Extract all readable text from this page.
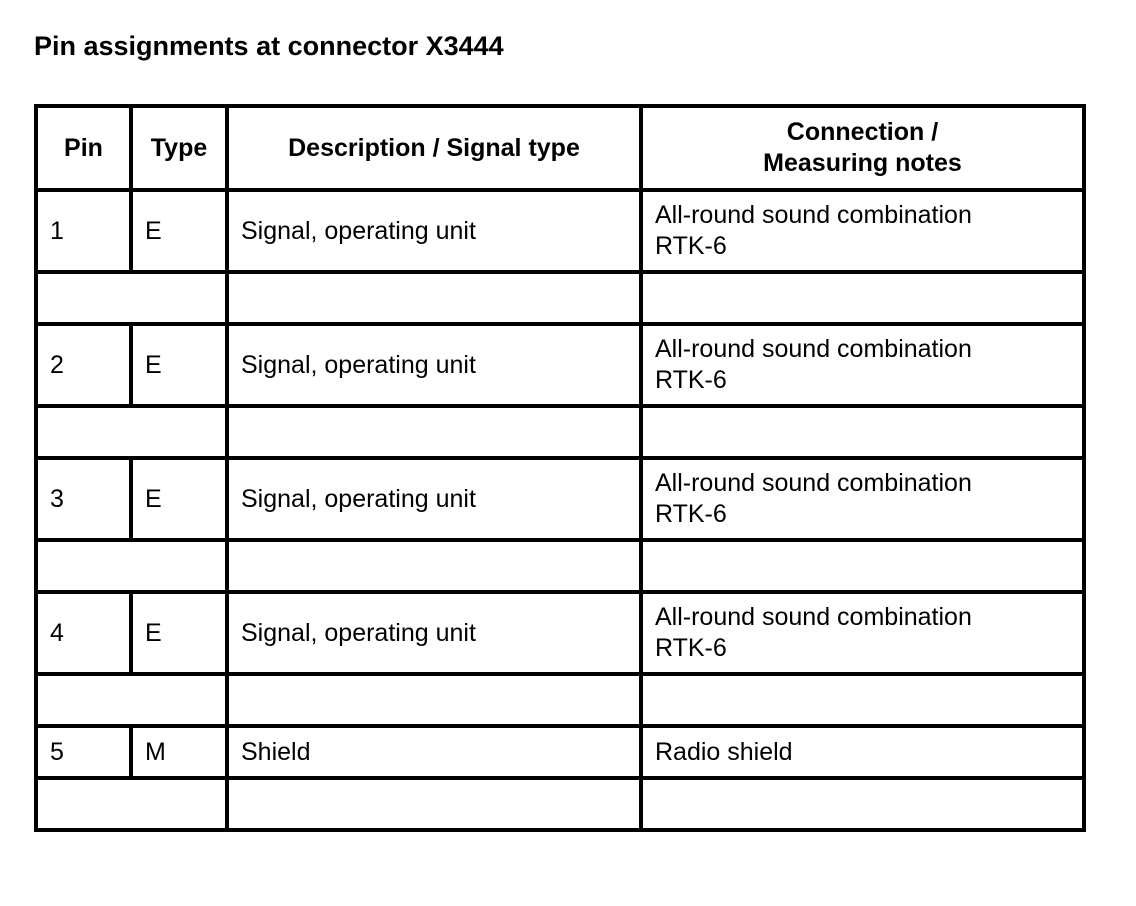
Pin assignments at connector X3444
Pin	Type	Description / Signal type	Connection /
Measuring notes

1	E	Signal, operating unit	All-round sound combination
RTK-6

2	E	Signal, operating unit	All-round sound combination
RTK-6

3	E	Signal, operating unit	All-round sound combination
RTK-6

4	E	Signal, operating unit	All-round sound combination
RTK-6

5	M	Shield	Radio shield
